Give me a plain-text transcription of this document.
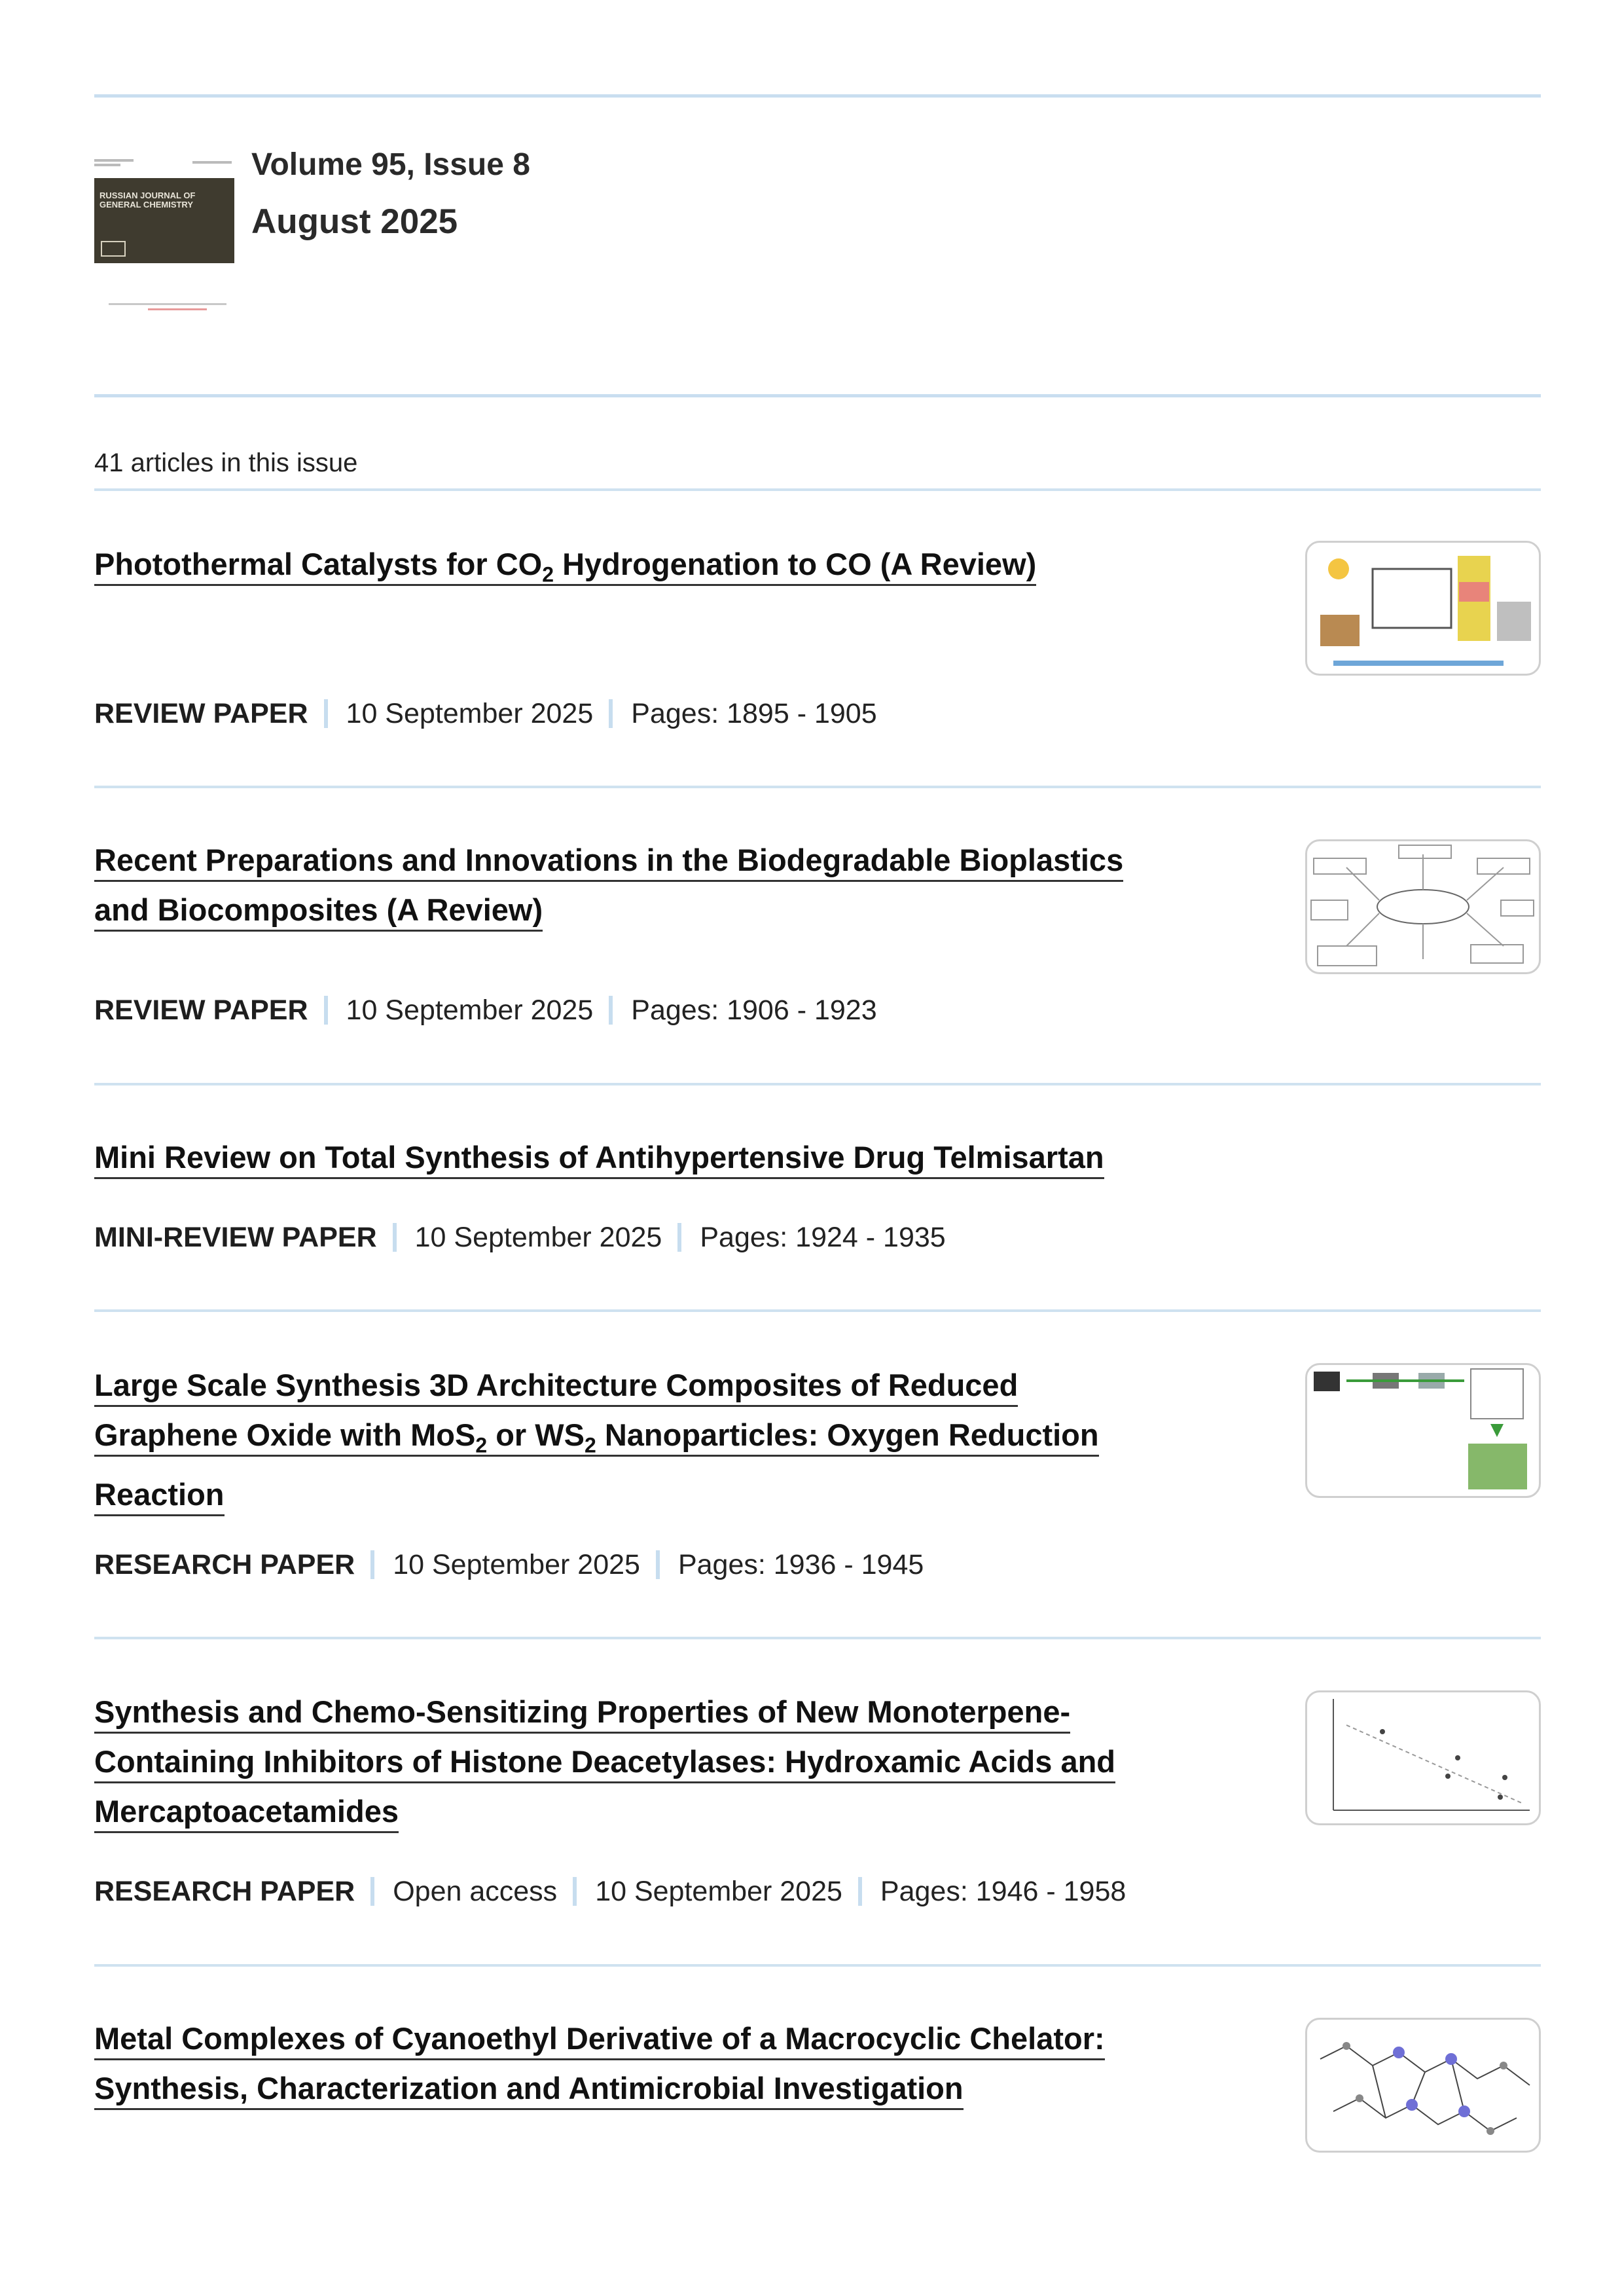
RUSSIAN JOURNAL OF GENERAL CHEMISTRY
Volume 95, Issue 8
August 2025
41 articles in this issue
Photothermal Catalysts for $CO_2$ Hydrogenation to CO (A Review)
REVIEW PAPER 10 September 2025 Pages: 1895 - 1905
Recent Preparations and Innovations in the Biodegradable Bioplastics
and Biocomposites (A Review)
REVIEW PAPER 10 September 2025 Pages: 1906 - 1923
Mini Review on Total Synthesis of Antihypertensive Drug Telmisartan
MINI-REVIEW PAPER 10 September 2025 Pages: 1924 - 1935
Large Scale Synthesis 3D Architecture Composites of Reduced
Graphene Oxide with MoS$_2$ or $WS_2$ Nanoparticles: Oxygen Reduction
Reaction
RESEARCH PAPER 10 September 2025 Pages: 1936 - 1945
Synthesis and Chemo-Sensitizing Properties of New Monoterpene-
Containing Inhibitors of Histone Deacetylases: Hydroxamic Acids and
Mercaptoacetamides
RESEARCH PAPER Open access 10 September 2025 Pages: 1946 - 1958
Metal Complexes of Cyanoethyl Derivative of a Macrocyclic Chelator:
Synthesis, Characterization and Antimicrobial Investigation
